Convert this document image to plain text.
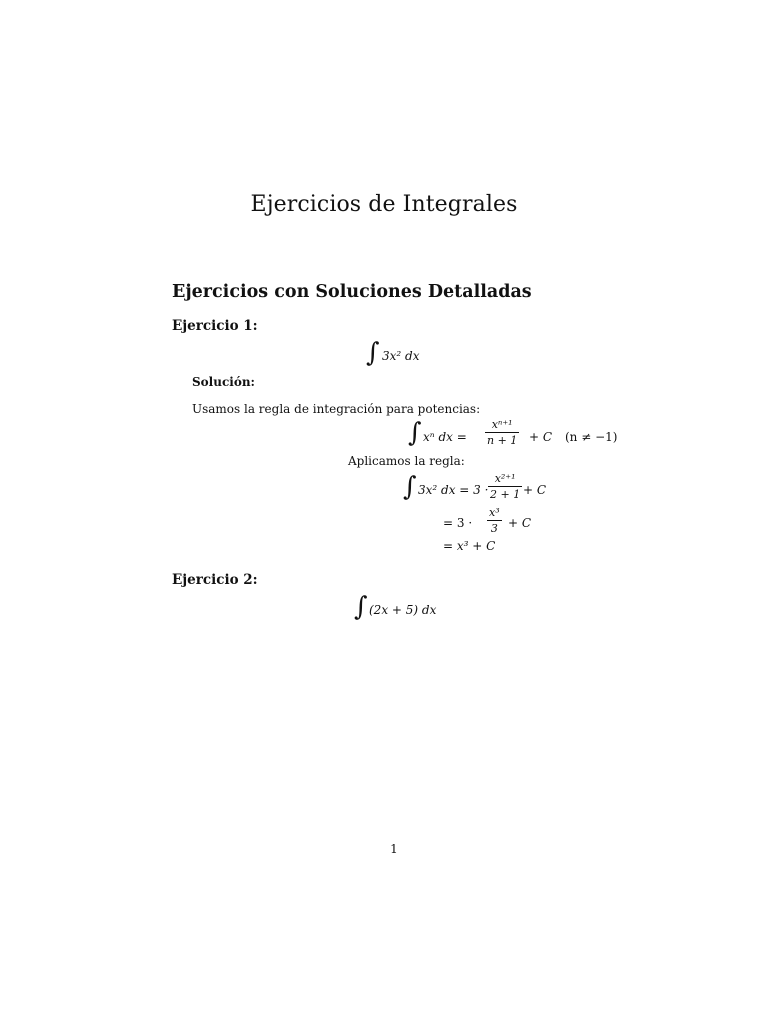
Ejercicios de Integrales
Ejercicios con Soluciones Detalladas
Ejercicio 1:
∫ 3x² dx
Solución:
Usamos la regla de integración para potencias:
∫ xⁿ dx =
xⁿ⁺¹
n + 1 + C (n ≠ −1)
Aplicamos la regla:
∫ 3x² dx = 3 ·
x²⁺¹
2 + 1 + C
= 3 ·
x³
3 + C
= x³ + C
Ejercicio 2:
∫ (2x + 5) dx
1
